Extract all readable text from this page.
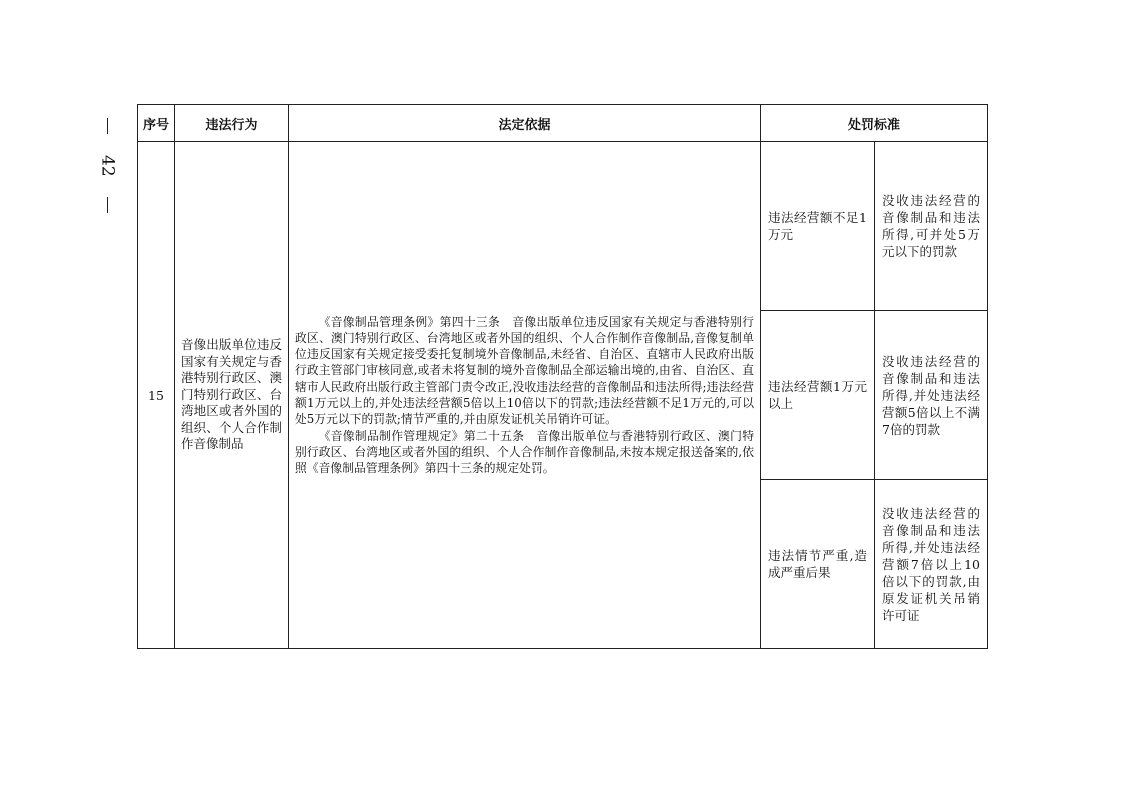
42
序号	违法行为	法定依据	处罚标准	
15	音像出版单位违反国家有关规定与香港特别行政区、澳门特别行政区、台湾地区或者外国的组织、个人合作制作音像制品	《音像制品管理条例》第四十三条　音像出版单位违反国家有关规定与香港特别行政区、澳门特别行政区、台湾地区或者外国的组织、个人合作制作音像制品,音像复制单位违反国家有关规定接受委托复制境外音像制品,未经省、自治区、直辖市人民政府出版行政主管部门审核同意,或者未将复制的境外音像制品全部运输出境的,由省、自治区、直辖市人民政府出版行政主管部门责令改正,没收违法经营的音像制品和违法所得;违法经营额1万元以上的,并处违法经营额5倍以上10倍以下的罚款;违法经营额不足1万元的,可以处5万元以下的罚款;情节严重的,并由原发证机关吊销许可证。

《音像制品制作管理规定》第二十五条　音像出版单位与香港特别行政区、澳门特别行政区、台湾地区或者外国的组织、个人合作制作音像制品,未按本规定报送备案的,依照《音像制品管理条例》第四十三条的规定处罚。	违法经营额不足1万元	没收违法经营的音像制品和违法所得,可并处5万元以下的罚款
			违法经营额1万元以上	没收违法经营的音像制品和违法所得,并处违法经营额5倍以上不满7倍的罚款
			违法情节严重,造成严重后果	没收违法经营的音像制品和违法所得,并处违法经营额7倍以上10倍以下的罚款,由原发证机关吊销许可证
